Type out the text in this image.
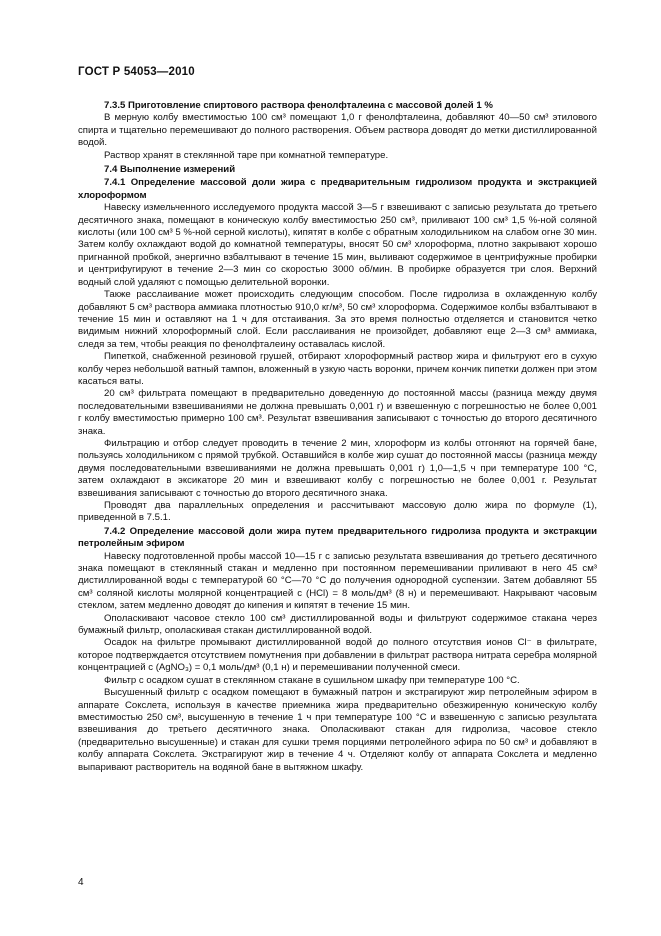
ГОСТ Р 54053—2010

7.3.5 Приготовление спиртового раствора фенолфталеина с массовой долей 1 %

В мерную колбу вместимостью 100 см³ помещают 1,0 г фенолфталеина, добавляют 40—50 см³ этилового спирта и тщательно перемешивают до полного растворения. Объем раствора доводят до метки дистиллированной водой.

Раствор хранят в стеклянной таре при комнатной температуре.

7.4 Выполнение измерений

7.4.1 Определение массовой доли жира с предварительным гидролизом продукта и экстракцией хлороформом

Навеску измельченного исследуемого продукта массой 3—5 г взвешивают с записью результата до третьего десятичного знака, помещают в коническую колбу вместимостью 250 см³, приливают 100 см³ 1,5 %-ной соляной кислоты (или 100 см³ 5 %-ной серной кислоты), кипятят в колбе с обратным холодильником на слабом огне 30 мин. Затем колбу охлаждают водой до комнатной температуры, вносят 50 см³ хлороформа, плотно закрывают хорошо пригнанной пробкой, энергично взбалтывают в течение 15 мин, выливают содержимое в центрифужные пробирки и центрифугируют в течение 2—3 мин со скоростью 3000 об/мин. В пробирке образуется три слоя. Верхний водный слой удаляют с помощью делительной воронки.

Также расслаивание может происходить следующим способом. После гидролиза в охлажденную колбу добавляют 5 см³ раствора аммиака плотностью 910,0 кг/м³, 50 см³ хлороформа. Содержимое колбы взбалтывают в течение 15 мин и оставляют на 1 ч для отстаивания. За это время полностью отделяется и становится четко видимым нижний хлороформный слой. Если расслаивания не произойдет, добавляют еще 2—3 см³ аммиака, следя за тем, чтобы реакция по фенолфталеину оставалась кислой.

Пипеткой, снабженной резиновой грушей, отбирают хлороформный раствор жира и фильтруют его в сухую колбу через небольшой ватный тампон, вложенный в узкую часть воронки, причем кончик пипетки должен при этом касаться ваты.

20 см³ фильтрата помещают в предварительно доведенную до постоянной массы (разница между двумя последовательными взвешиваниями не должна превышать 0,001 г) и взвешенную с погрешностью не более 0,001 г колбу вместимостью примерно 100 см³. Результат взвешивания записывают с точностью до второго десятичного знака.

Фильтрацию и отбор следует проводить в течение 2 мин, хлороформ из колбы отгоняют на горячей бане, пользуясь холодильником с прямой трубкой. Оставшийся в колбе жир сушат до постоянной массы (разница между двумя последовательными взвешиваниями не должна превышать 0,001 г) 1,0—1,5 ч при температуре 100 °С, затем охлаждают в эксикаторе 20 мин и взвешивают колбу с погрешностью не более 0,001 г. Результат взвешивания записывают с точностью до второго десятичного знака.

Проводят два параллельных определения и рассчитывают массовую долю жира по формуле (1), приведенной в 7.5.1.

7.4.2 Определение массовой доли жира путем предварительного гидролиза продукта и экстракции петролейным эфиром

Навеску подготовленной пробы массой 10—15 г с записью результата взвешивания до третьего десятичного знака помещают в стеклянный стакан и медленно при постоянном перемешивании приливают в него 45 см³ дистиллированной воды с температурой 60 °С—70 °С до получения однородной суспензии. Затем добавляют 55 см³ соляной кислоты молярной концентрацией с (HCl) = 8 моль/дм³ (8 н) и перемешивают. Накрывают часовым стеклом, затем медленно доводят до кипения и кипятят в течение 15 мин.

Ополаскивают часовое стекло 100 см³ дистиллированной воды и фильтруют содержимое стакана через бумажный фильтр, ополаскивая стакан дистиллированной водой.

Осадок на фильтре промывают дистиллированной водой до полного отсутствия ионов Cl⁻ в фильтрате, которое подтверждается отсутствием помутнения при добавлении в фильтрат раствора нитрата серебра молярной концентрацией с (AgNO₃) = 0,1 моль/дм³ (0,1 н) и перемешивании полученной смеси.

Фильтр с осадком сушат в стеклянном стакане в сушильном шкафу при температуре 100 °С.

Высушенный фильтр с осадком помещают в бумажный патрон и экстрагируют жир петролейным эфиром в аппарате Сокслета, используя в качестве приемника жира предварительно обезжиренную коническую колбу вместимостью 250 см³, высушенную в течение 1 ч при температуре 100 °С и взвешенную с записью результата взвешивания до третьего десятичного знака. Ополаскивают стакан для гидролиза, часовое стекло (предварительно высушенные) и стакан для сушки тремя порциями петролейного эфира по 50 см³ и добавляют в колбу аппарата Сокслета. Экстрагируют жир в течение 4 ч. Отделяют колбу от аппарата Сокслета и медленно выпаривают растворитель на водяной бане в вытяжном шкафу.

4
